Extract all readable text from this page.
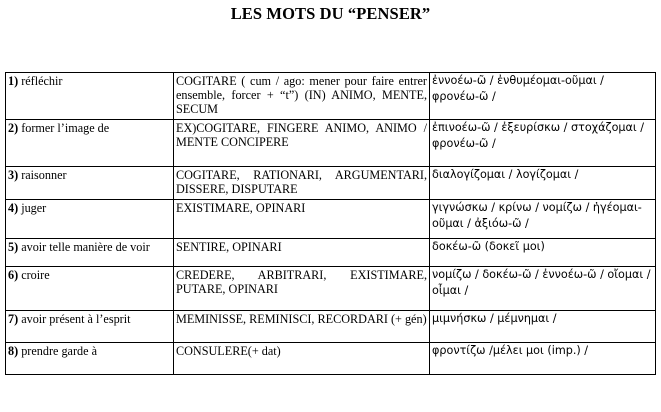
LES MOTS DU “PENSER”
1) réfléchir	COGITARE ( cum / ago: mener pour faire entrer ensemble, forcer + “t”) (IN) ANIMO, MENTE, SECUM	ἐννοέω-ῶ / ἐνθυμέομαι-οῦμαι / φρονέω-ῶ /
2) former l’image de	EX)COGITARE, FINGERE ANIMO, ANIMO / MENTE CONCIPERE	ἐπινοέω-ῶ / ἐξευρίσκω / στοχάζομαι / φρονέω-ῶ /
3) raisonner	COGITARE, RATIONARI, ARGUMENTARI, DISSERE, DISPUTARE	διαλογίζομαι / λογίζομαι /
4) juger	EXISTIMARE, OPINARI	γιγνώσκω / κρίνω / νομίζω / ἡγέομαι-οῦμαι / ἀξιόω-ῶ /
5) avoir telle manière de voir	SENTIRE, OPINARI	δοκέω-ῶ (δοκεῖ μοι)
6) croire	CREDERE, ARBITRARI, EXISTIMARE, PUTARE, OPINARI	νομίζω / δοκέω-ῶ / ἐννοέω-ῶ / οἴομαι / οἶμαι /
7) avoir présent à l’esprit	MEMINISSE, REMINISCI, RECORDARI (+ gén)	μιμνήσκω / μέμνημαι /
8) prendre garde à	CONSULERE(+ dat)	φροντίζω /μέλει μοι (imp.) /
